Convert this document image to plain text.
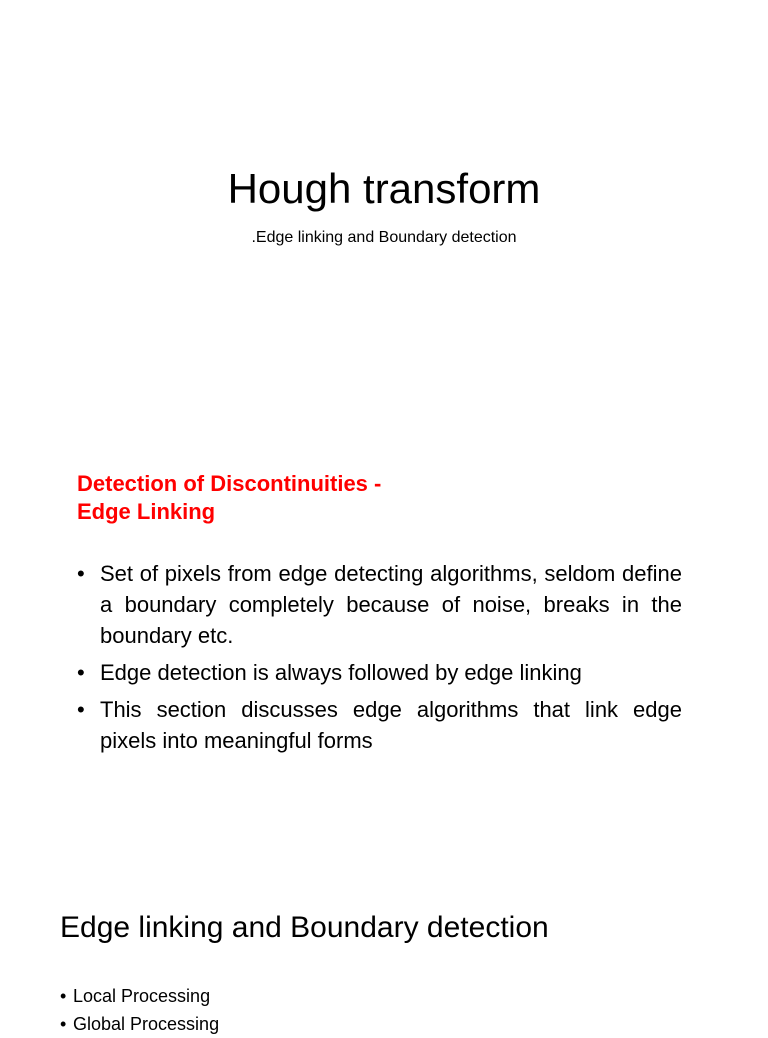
Hough transform

.Edge linking and Boundary detection

Detection of Discontinuities -
Edge Linking
• Set of pixels from edge detecting algorithms, seldom define a boundary completely because of noise, breaks in the boundary etc.
• Edge detection is always followed by edge linking
• This section discusses edge algorithms that link edge pixels into meaningful forms
Edge linking and Boundary detection
• Local Processing
• Global Processing
